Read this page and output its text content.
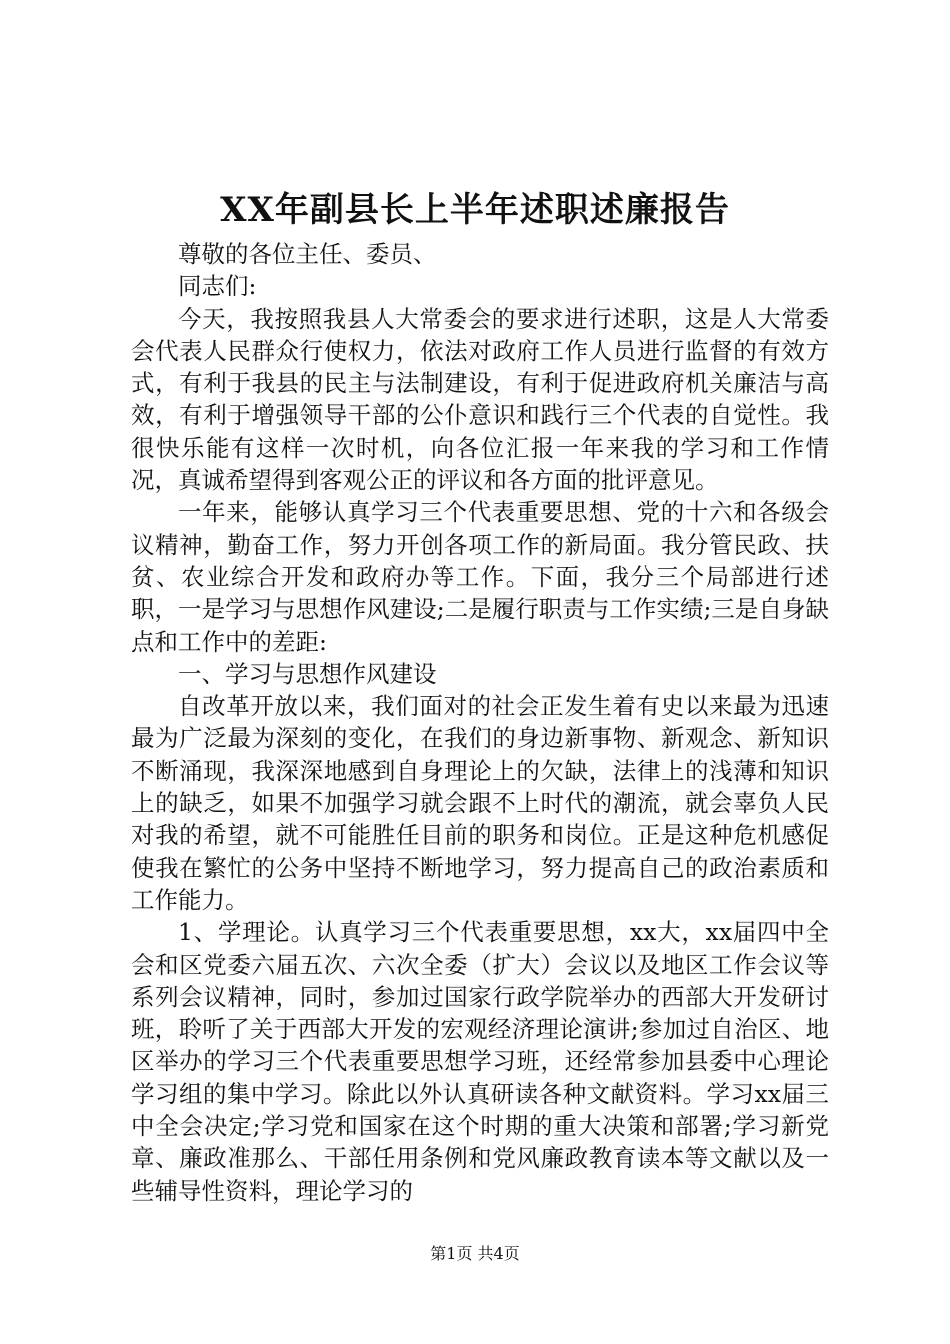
XX年副县长上半年述职述廉报告

尊敬的各位主任、委员、

同志们:

今天，我按照我县人大常委会的要求进行述职，这是人大常委会代表人民群众行使权力，依法对政府工作人员进行监督的有效方式，有利于我县的民主与法制建设，有利于促进政府机关廉洁与高效，有利于增强领导干部的公仆意识和践行三个代表的自觉性。我很快乐能有这样一次时机，向各位汇报一年来我的学习和工作情况，真诚希望得到客观公正的评议和各方面的批评意见。

一年来，能够认真学习三个代表重要思想、党的十六和各级会议精神，勤奋工作，努力开创各项工作的新局面。我分管民政、扶贫、农业综合开发和政府办等工作。下面，我分三个局部进行述职，一是学习与思想作风建设;二是履行职责与工作实绩;三是自身缺点和工作中的差距:

一、学习与思想作风建设

自改革开放以来，我们面对的社会正发生着有史以来最为迅速最为广泛最为深刻的变化，在我们的身边新事物、新观念、新知识不断涌现，我深深地感到自身理论上的欠缺，法律上的浅薄和知识上的缺乏，如果不加强学习就会跟不上时代的潮流，就会辜负人民对我的希望，就不可能胜任目前的职务和岗位。正是这种危机感促使我在繁忙的公务中坚持不断地学习，努力提高自己的政治素质和工作能力。

1、学理论。认真学习三个代表重要思想，xx大，xx届四中全会和区党委六届五次、六次全委（扩大）会议以及地区工作会议等系列会议精神，同时，参加过国家行政学院举办的西部大开发研讨班，聆听了关于西部大开发的宏观经济理论演讲;参加过自治区、地区举办的学习三个代表重要思想学习班，还经常参加县委中心理论学习组的集中学习。除此以外认真研读各种文献资料。学习xx届三中全会决定;学习党和国家在这个时期的重大决策和部署;学习新党章、廉政准那么、干部任用条例和党风廉政教育读本等文献以及一些辅导性资料，理论学习的

第1页 共4页
